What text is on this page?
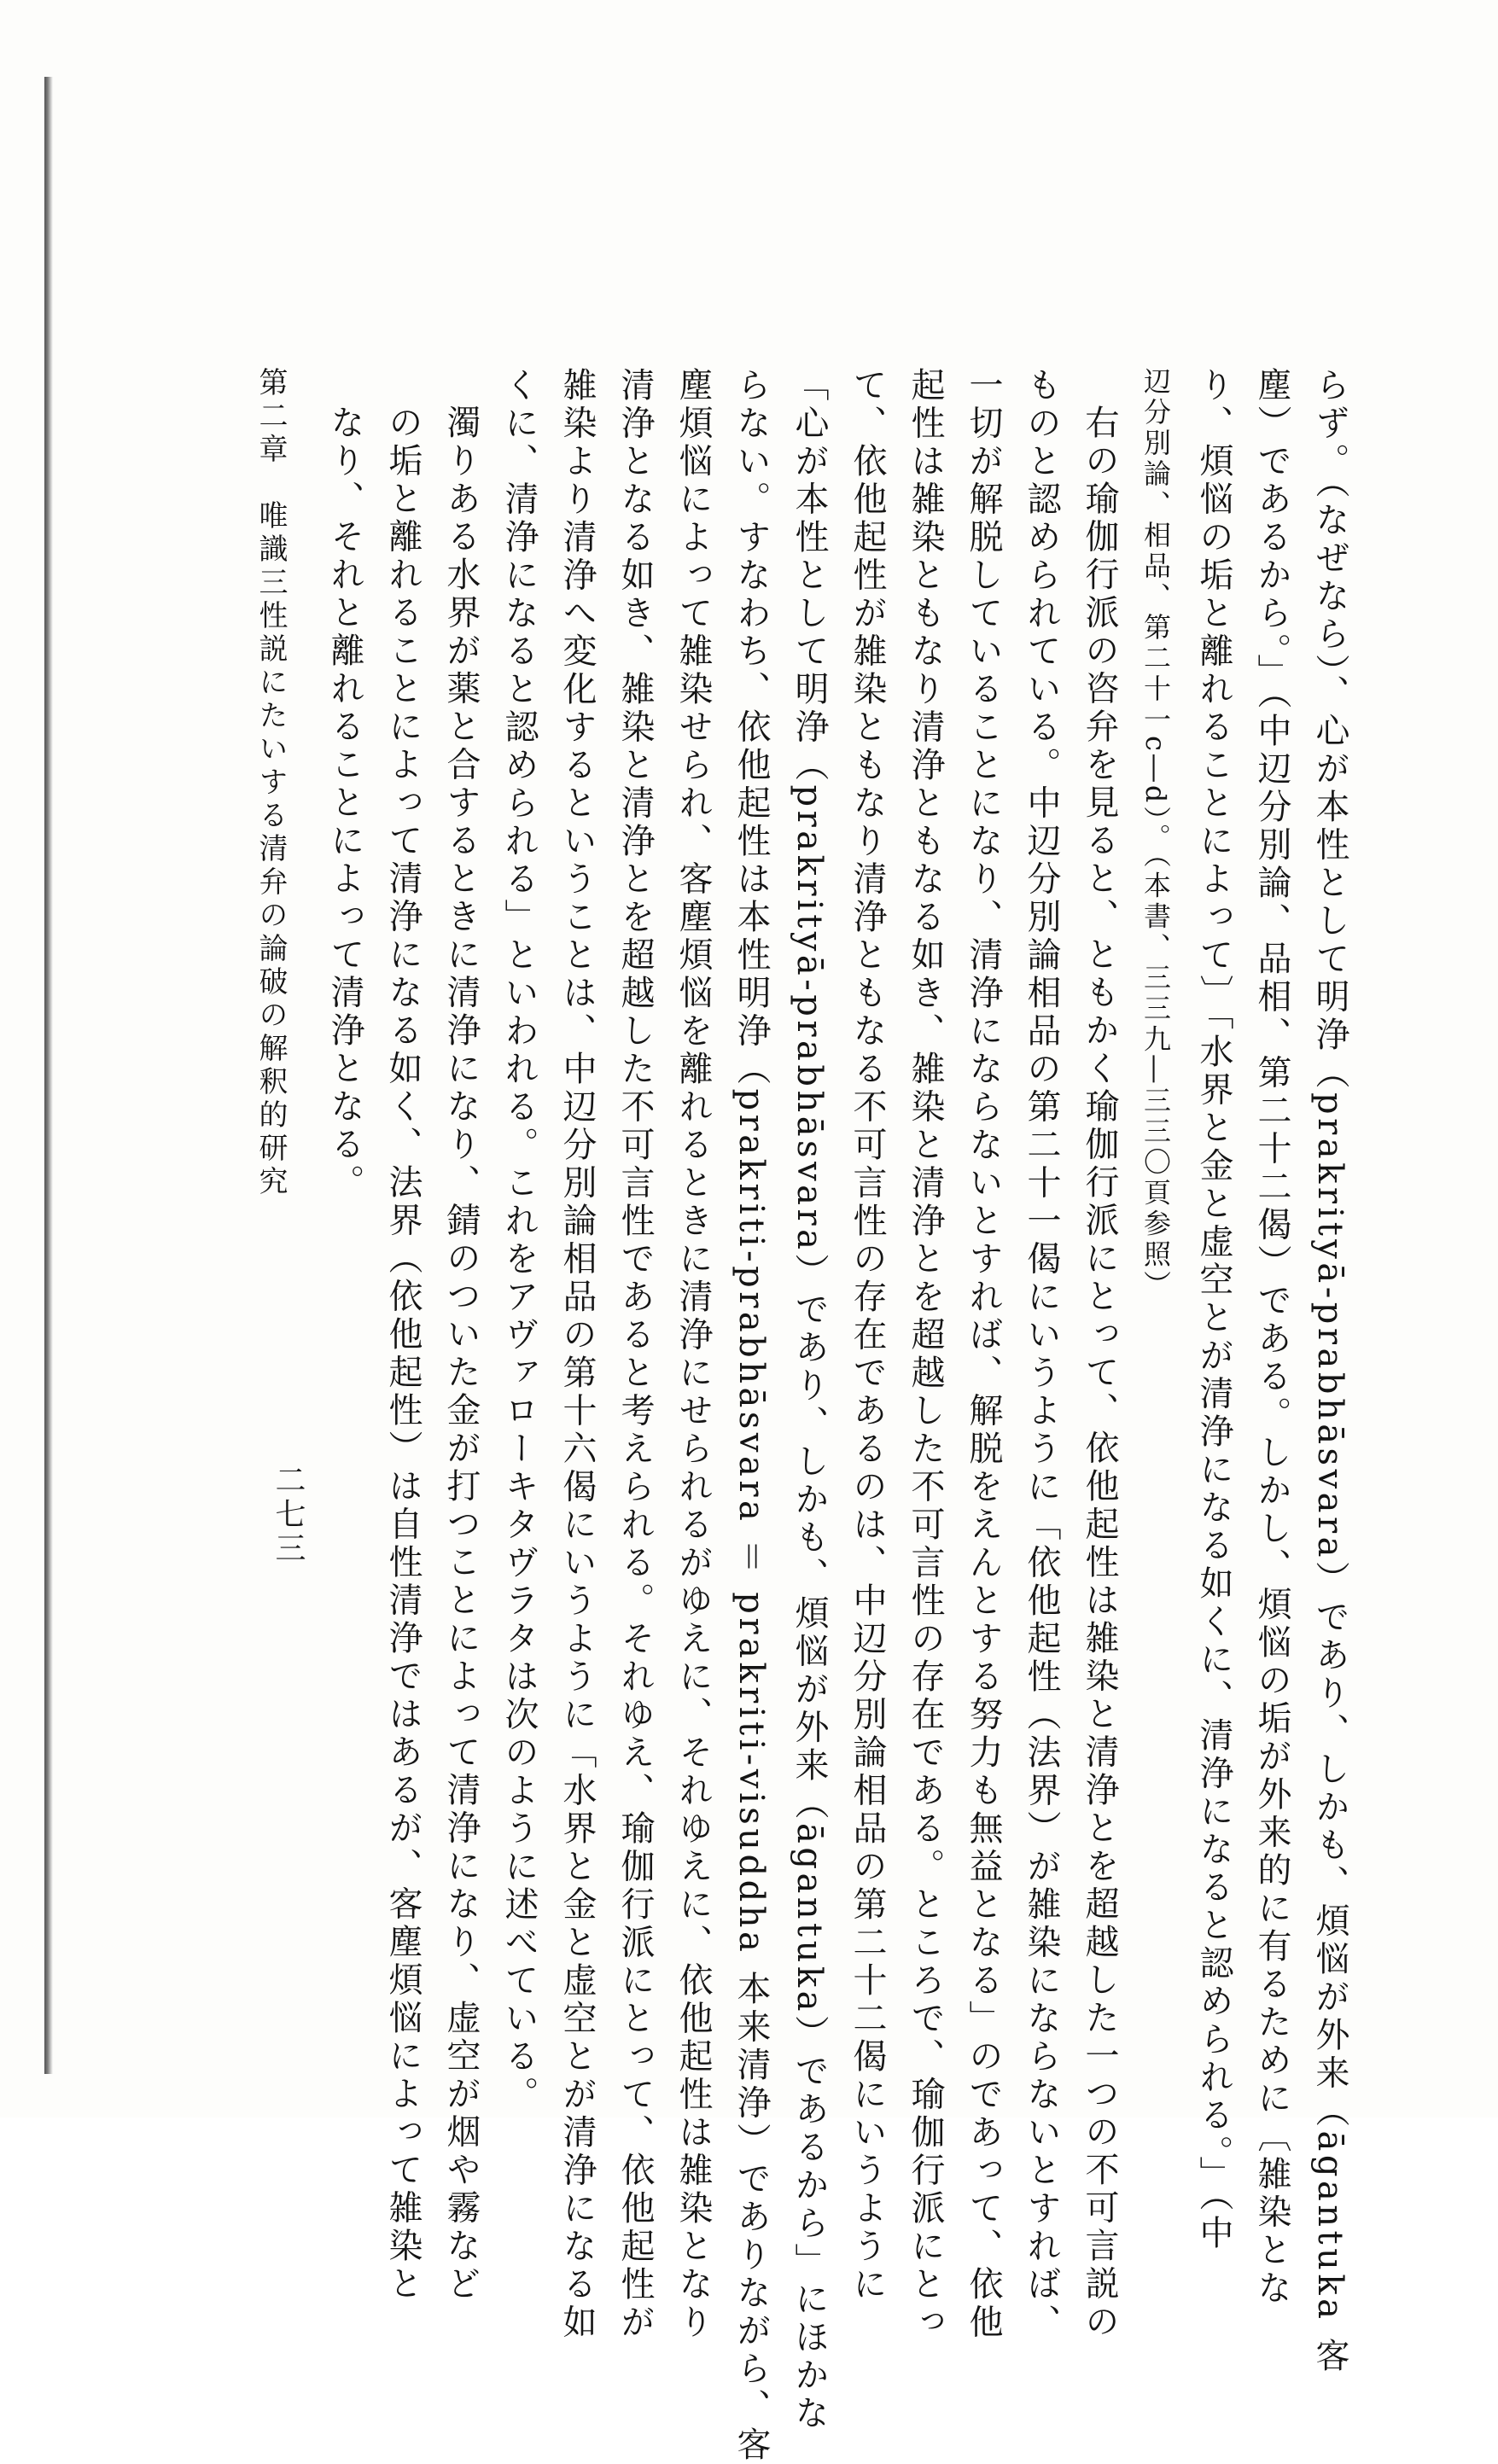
らず。（なぜなら）、心が本性として明浄（prakrityā-prabhāsvara）であり、しかも、煩悩が外来（āgantuka 客
塵）であるから。」（中辺分別論、品相、第二十二偈）である。しかし、煩悩の垢が外来的に有るために〔雑染とな
り、煩悩の垢と離れることによって〕「水界と金と虚空とが清浄になる如くに、清浄になると認められる。」（中
辺分別論、相品、第二十一c―d）。（本書、三三九―三三〇頁参照）
右の瑜伽行派の咨弁を見ると、ともかく瑜伽行派にとって、依他起性は雑染と清浄とを超越した一つの不可言説の
ものと認められている。中辺分別論相品の第二十一偈にいうように「依他起性（法界）が雑染にならないとすれば、
一切が解脱していることになり、清浄にならないとすれば、解脱をえんとする努力も無益となる」のであって、依他
起性は雑染ともなり清浄ともなる如き、雑染と清浄とを超越した不可言性の存在である。ところで、瑜伽行派にとっ
て、依他起性が雑染ともなり清浄ともなる不可言性の存在であるのは、中辺分別論相品の第二十二偈にいうように
「心が本性として明浄（prakrityā-prabhāsvara）であり、しかも、煩悩が外来（āgantuka）であるから」にほかな
らない。すなわち、依他起性は本性明浄（prakriti-prabhāsvara ＝ prakriti-visuddha 本来清浄）でありながら、客
塵煩悩によって雑染せられ、客塵煩悩を離れるときに清浄にせられるがゆえに、それゆえに、依他起性は雑染となり
清浄となる如き、雑染と清浄とを超越した不可言性であると考えられる。それゆえ、瑜伽行派にとって、依他起性が
雑染より清浄へ変化するということは、中辺分別論相品の第十六偈にいうように「水界と金と虚空とが清浄になる如
くに、清浄になると認められる」といわれる。これをアヴァローキタヴラタは次のように述べている。
濁りある水界が薬と合するときに清浄になり、錆のついた金が打つことによって清浄になり、虚空が烟や霧など
の垢と離れることによって清浄になる如く、法界（依他起性）は自性清浄ではあるが、客塵煩悩によって雑染と
なり、それと離れることによって清浄となる。
第二章　唯識三性説にたいする清弁の論破の解釈的研究
二七三
